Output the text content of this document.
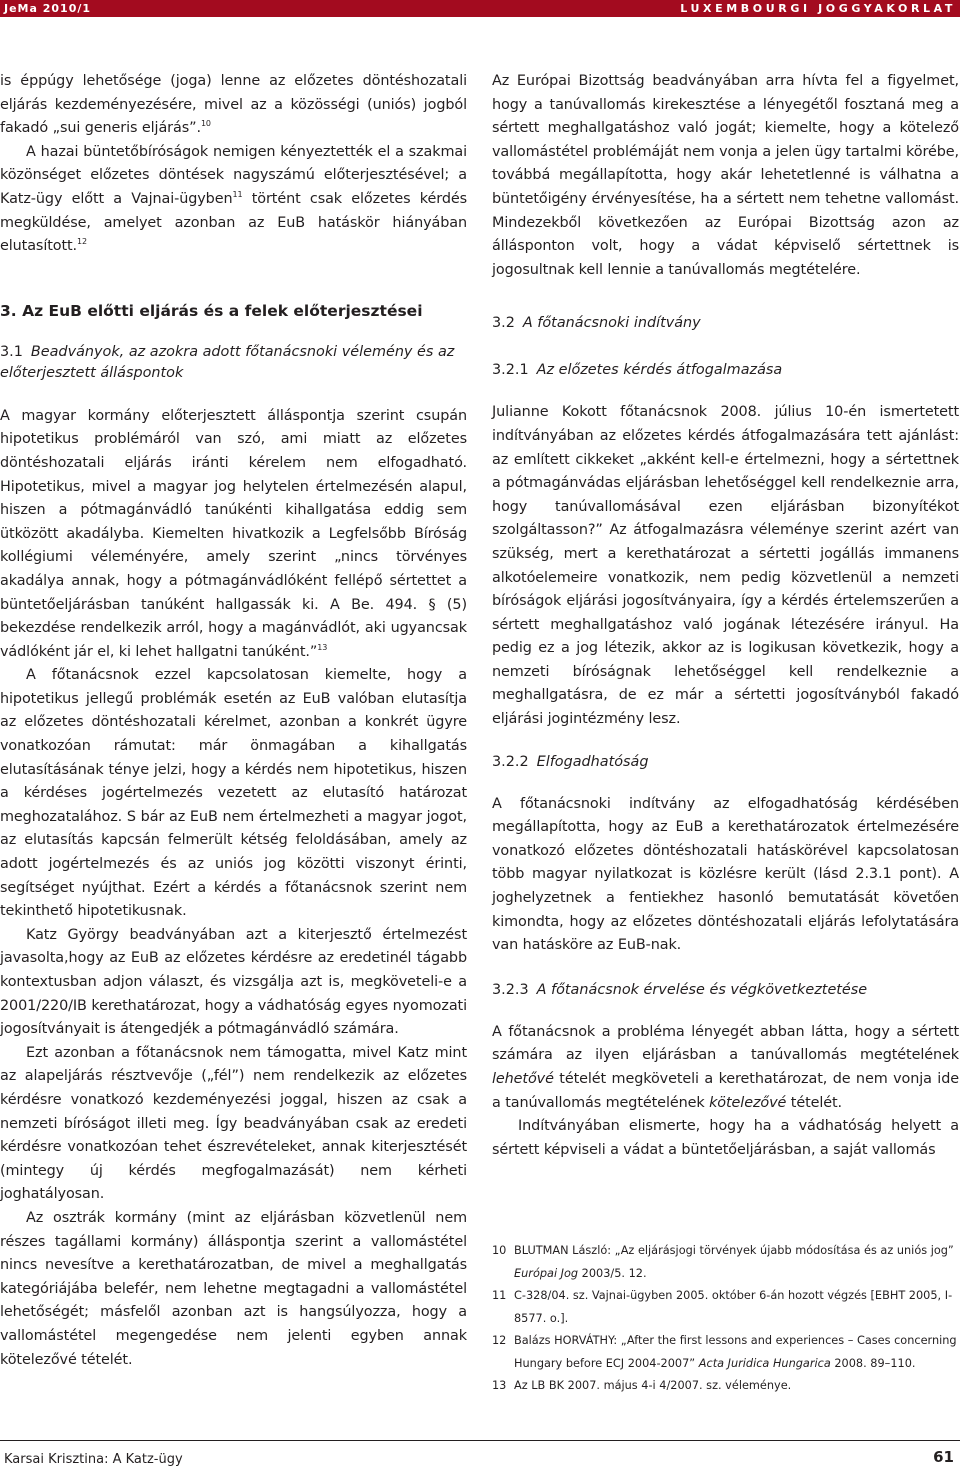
JeMa 2010/1	LUXEMBOURGI JOGGYAKORLAT

is éppúgy lehetősége (joga) lenne az előzetes döntéshozatali eljárás kezdeményezésére, mivel az a közösségi (uniós) jogból fakadó „sui generis eljárás”.$^{10}$

A hazai büntetőbíróságok nemigen kényeztették el a szakmai közönséget előzetes döntések nagyszámú előterjesztésével; a Katz-ügy előtt a Vajnai-ügyben$^{11}$ történt csak előzetes kérdés megküldése, amelyet azonban az EuB hatáskör hiányában elutasított.$^{12}$

3. Az EuB előtti eljárás és a felek előterjesztései
3.1 Beadványok, az azokra adott főtanácsnoki vélemény és az előterjesztett álláspontok

A magyar kormány előterjesztett álláspontja szerint csupán hipotetikus problémáról van szó, ami miatt az előzetes döntéshozatali eljárás iránti kérelem nem elfogadható. Hipotetikus, mivel a magyar jog helytelen értelmezésén alapul, hiszen a pótmagánvádló tanúkénti kihallgatása eddig sem ütközött akadályba. Kiemelten hivatkozik a Legfelsőbb Bíróság kollégiumi véleményére, amely szerint „nincs törvényes akadálya annak, hogy a pótmagánvádlóként fellépő sértettet a büntetőeljárásban tanúként hallgassák ki. A Be. 494. § (5) bekezdése rendelkezik arról, hogy a magánvádlót, aki ugyancsak vádlóként jár el, ki lehet hallgatni tanúként.”$^{13}$

A főtanácsnok ezzel kapcsolatosan kiemelte, hogy a hipotetikus jellegű problémák esetén az EuB valóban elutasítja az előzetes döntéshozatali kérelmet, azonban a konkrét ügyre vonatkozóan rámutat: már önmagában a kihallgatás elutasításának ténye jelzi, hogy a kérdés nem hipotetikus, hiszen a kérdéses jogértelmezés vezetett az elutasító határozat meghozatalához. S bár az EuB nem értelmezheti a magyar jogot, az elutasítás kapcsán felmerült kétség feloldásában, amely az adott jogértelmezés és az uniós jog közötti viszonyt érinti, segítséget nyújthat. Ezért a kérdés a főtanácsnok szerint nem tekinthető hipotetikusnak.

Katz György beadványában azt a kiterjesztő értelmezést javasolta,hogy az EuB az előzetes kérdésre az eredetinél tágabb kontextusban adjon választ, és vizsgálja azt is, megköveteli-e a 2001/220/IB kerethatározat, hogy a vádhatóság egyes nyomozati jogosítványait is átengedjék a pótmagánvádló számára.

Ezt azonban a főtanácsnok nem támogatta, mivel Katz mint az alapeljárás résztvevője („fél”) nem rendelkezik az előzetes kérdésre vonatkozó kezdeményezési joggal, hiszen az csak a nemzeti bíróságot illeti meg. Így beadványában csak az eredeti kérdésre vonatkozóan tehet észrevételeket, annak kiterjesztését (mintegy új kérdés megfogalmazását) nem kérheti joghatályosan.

Az osztrák kormány (mint az eljárásban közvetlenül nem részes tagállami kormány) álláspontja szerint a vallomástétel nincs nevesítve a kerethatározatban, de mivel a meghallgatás kategóriájába belefér, nem lehetne megtagadni a vallomástétel lehetőségét; másfelől azonban azt is hangsúlyozza, hogy a vallomástétel megengedése nem jelenti egyben annak kötelezővé tételét.

Az Európai Bizottság beadványában arra hívta fel a figyelmet, hogy a tanúvallomás kirekesztése a lényegétől fosztaná meg a sértett meghallgatáshoz való jogát; kiemelte, hogy a kötelező vallomástétel problémáját nem vonja a jelen ügy tartalmi körébe, továbbá megállapította, hogy akár lehetetlenné is válhatna a büntetőigény érvényesítése, ha a sértett nem tehetne vallomást. Mindezekből következően az Európai Bizottság azon az állásponton volt, hogy a vádat képviselő sértettnek is jogosultnak kell lennie a tanúvallomás megtételére.

3.2 A főtanácsnoki indítvány
3.2.1 Az előzetes kérdés átfogalmazása

Julianne Kokott főtanácsnok 2008. július 10-én ismertetett indítványában az előzetes kérdés átfogalmazására tett ajánlást: az említett cikkeket „akként kell-e értelmezni, hogy a sértettnek a pótmagánvádas eljárásban lehetőséggel kell rendelkeznie arra, hogy tanúvallomásával ezen eljárásban bizonyítékot szolgáltasson?” Az átfogalmazásra véleménye szerint azért van szükség, mert a kerethatározat a sértetti jogállás immanens alkotóelemeire vonatkozik, nem pedig közvetlenül a nemzeti bíróságok eljárási jogosítványaira, így a kérdés értelemszerűen a sértett meghallgatáshoz való jogának létezésére irányul. Ha pedig ez a jog létezik, akkor az is logikusan következik, hogy a nemzeti bíróságnak lehetőséggel kell rendelkeznie a meghallgatásra, de ez már a sértetti jogosítványból fakadó eljárási jogintézmény lesz.

3.2.2 Elfogadhatóság

A főtanácsnoki indítvány az elfogadhatóság kérdésében megállapította, hogy az EuB a kerethatározatok értelmezésére vonatkozó előzetes döntéshozatali hatáskörével kapcsolatosan több magyar nyilatkozat is közlésre került (lásd 2.3.1 pont). A joghelyzetnek a fentiekhez hasonló bemutatását követően kimondta, hogy az előzetes döntéshozatali eljárás lefolytatására van hatásköre az EuB-nak.

3.2.3 A főtanácsnok érvelése és végkövetkeztetése

A főtanácsnok a probléma lényegét abban látta, hogy a sértett számára az ilyen eljárásban a tanúvallomás megtételének lehetővé tételét megköveteli a kerethatározat, de nem vonja ide a tanúvallomás megtételének kötelezővé tételét.

Indítványában elismerte, hogy ha a vádhatóság helyett a sértett képviseli a vádat a büntetőeljárásban, a saját vallomás

10 BLUTMAN László: „Az eljárásjogi törvények újabb módosítása és az uniós jog” Európai Jog 2003/5. 12.
11 C-328/04. sz. Vajnai-ügyben 2005. október 6-án hozott végzés [EBHT 2005, I-8577. o.].
12 Balázs HORVÁTHY: „After the first lessons and experiences – Cases concerning Hungary before ECJ 2004-2007” Acta Juridica Hungarica 2008. 89–110.
13 Az LB BK 2007. május 4-i 4/2007. sz. véleménye.
Karsai Krisztina: A Katz-ügy	61
